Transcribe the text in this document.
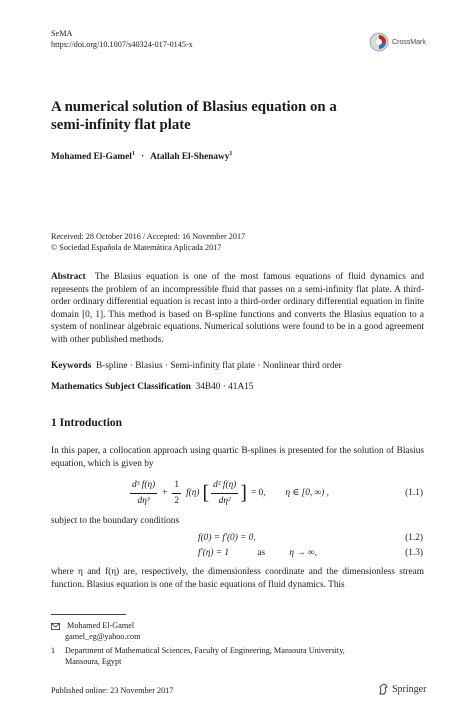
SeMA
https://doi.org/10.1007/s40324-017-0145-x	CrossMark
A numerical solution of Blasius equation on a
semi-infinity flat plate
Mohamed El-Gamel$^1$ · Atallah El-Shenawy$^1$
Received: 28 October 2016 / Accepted: 16 November 2017
© Sociedad Española de Matemática Aplicada 2017
Abstract The Blasius equation is one of the most famous equations of fluid dynamics and represents the problem of an incompressible fluid that passes on a semi-infinity flat plate. A third-order ordinary differential equation is recast into a third-order ordinary differential equation in finite domain [0, 1]. This method is based on B-spline functions and converts the Blasius equation to a system of nonlinear algebraic equations. Numerical solutions were found to be in a good agreement with other published methods.
Keywords B-spline · Blasius · Semi-infinity flat plate · Nonlinear third order
Mathematics Subject Classification 34B40 · 41A15
1 Introduction
In this paper, a collocation approach using quartic B-splines is presented for the solution of Blasius equation, which is given by
$\frac{\text{d³ f(η)}}{\text{dη³}} + \frac{1}{2} f(\eta)$ [ $\frac{\text{d² f(η)}}{\text{dη²}}$ ] = 0, η ∈ [0, ∞) ,	(1.1)
subject to the boundary conditions
f(0) = f′(0) = 0,	(1.2)
f′(η) = 1	as	η → ∞,	(1.3)
where η and f(η) are, respectively, the dimensionless coordinate and the dimensionless stream function. Blasius equation is one of the basic equations of fluid dynamics. This
Mohamed El-Gamel
gamel_eg@yahoo.com
1 Department of Mathematical Sciences, Faculty of Engineering, Mansoura University,
Mansoura, Egypt
Published online: 23 November 2017	Springer
